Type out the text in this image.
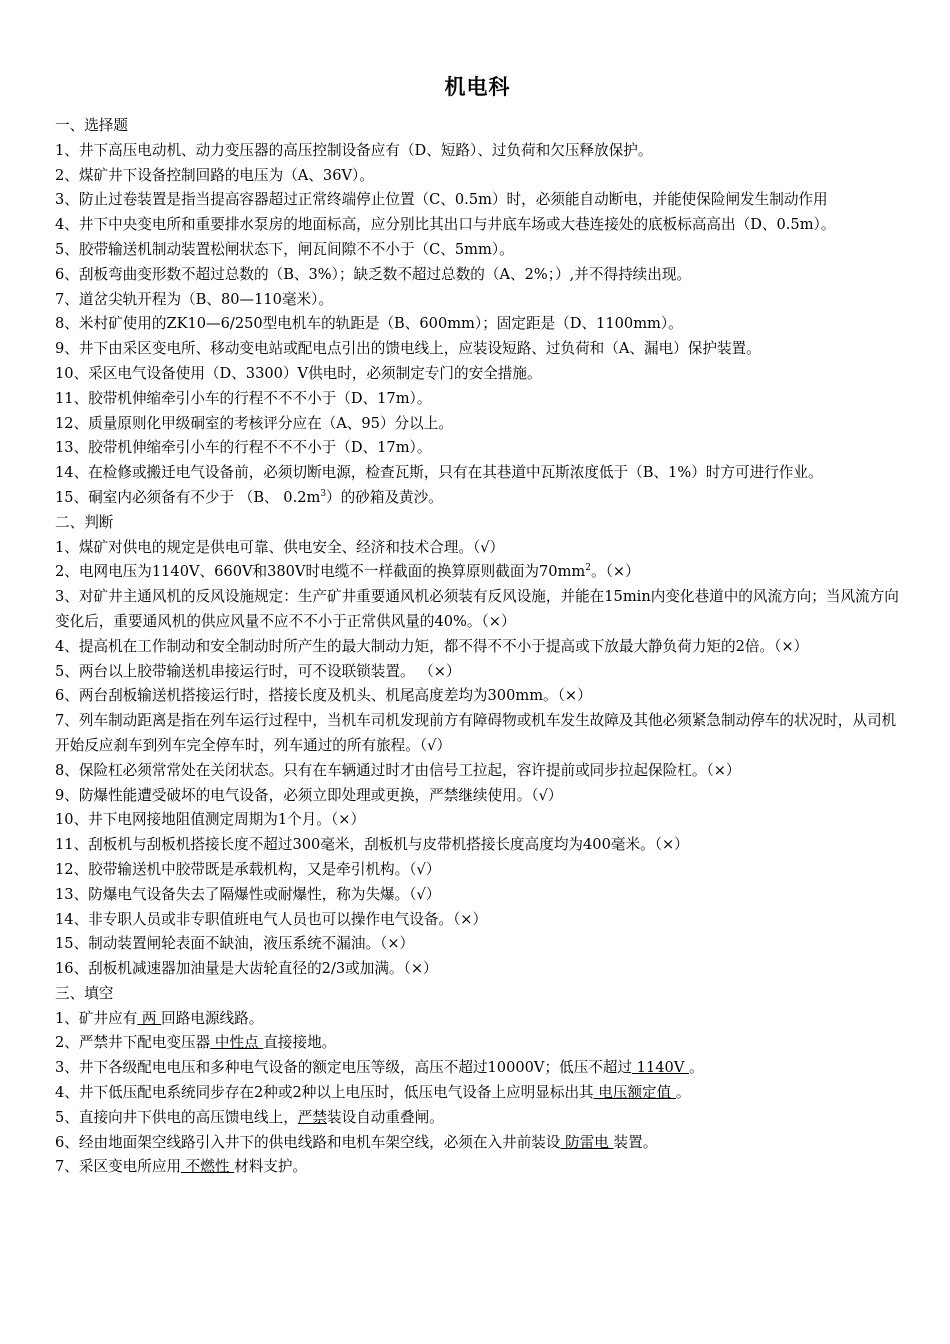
机电科

一、选择题

1、井下高压电动机、动力变压器的高压控制设备应有（D、短路）、过负荷和欠压释放保护。

2、煤矿井下设备控制回路的电压为（A、36V）。

3、防止过卷装置是指当提高容器超过正常终端停止位置（C、0.5m）时，必须能自动断电，并能使保险闸发生制动作用

4、井下中央变电所和重要排水泵房的地面标高，应分别比其出口与井底车场或大巷连接处的底板标高高出（D、0.5m）。

5、胶带输送机制动装置松闸状态下，闸瓦间隙不不小于（C、5mm）。

6、刮板弯曲变形数不超过总数的（B、3%）；缺乏数不超过总数的（A、2%；）,并不得持续出现。

7、道岔尖轨开程为（B、80—110毫米）。

8、米村矿使用的ZK10—6/250型电机车的轨距是（B、600mm）；固定距是（D、1100mm）。

9、井下由采区变电所、移动变电站或配电点引出的馈电线上，应装设短路、过负荷和（A、漏电）保护装置。

10、采区电气设备使用（D、3300）V供电时，必须制定专门的安全措施。

11、胶带机伸缩牵引小车的行程不不不小于（D、17m）。

12、质量原则化甲级硐室的考核评分应在（A、95）分以上。

13、胶带机伸缩牵引小车的行程不不不小于（D、17m）。

14、在检修或搬迁电气设备前，必须切断电源，检查瓦斯，只有在其巷道中瓦斯浓度低于（B、1%）时方可进行作业。

15、硐室内必须备有不少于 （B、 $0.2m^3$）的砂箱及黄沙。

二、判断

1、煤矿对供电的规定是供电可靠、供电安全、经济和技术合理。（√）

2、电网电压为1140V、660V和380V时电缆不一样截面的换算原则截面为$70mm^2$。（×）

3、对矿井主通风机的反风设施规定：生产矿井重要通风机必须装有反风设施，并能在15min内变化巷道中的风流方向；当风流方向变化后，重要通风机的供应风量不应不不小于正常供风量的40%。（×）

4、提高机在工作制动和安全制动时所产生的最大制动力矩，都不得不不小于提高或下放最大静负荷力矩的2倍。（×）

5、两台以上胶带输送机串接运行时，可不设联锁装置。 （×）

6、两台刮板输送机搭接运行时，搭接长度及机头、机尾高度差均为300mm。（×）

7、列车制动距离是指在列车运行过程中，当机车司机发现前方有障碍物或机车发生故障及其他必须紧急制动停车的状况时，从司机开始反应刹车到列车完全停车时，列车通过的所有旅程。（√）

8、保险杠必须常常处在关闭状态。只有在车辆通过时才由信号工拉起，容许提前或同步拉起保险杠。（×）

9、防爆性能遭受破坏的电气设备，必须立即处理或更换，严禁继续使用。（√）

10、井下电网接地阻值测定周期为1个月。（×）

11、刮板机与刮板机搭接长度不超过300毫米，刮板机与皮带机搭接长度高度均为400毫米。（×）

12、胶带输送机中胶带既是承载机构，又是牵引机构。（√）

13、防爆电气设备失去了隔爆性或耐爆性，称为失爆。（√）

14、非专职人员或非专职值班电气人员也可以操作电气设备。（×）

15、制动装置闸轮表面不缺油，液压系统不漏油。（×）

16、刮板机减速器加油量是大齿轮直径的2/3或加满。（×）

三、填空

1、矿井应有 两 回路电源线路。

2、严禁井下配电变压器 中性点 直接接地。

3、井下各级配电电压和多种电气设备的额定电压等级，高压不超过10000V；低压不超过 1140V 。

4、井下低压配电系统同步存在2种或2种以上电压时，低压电气设备上应明显标出其 电压额定值 。

5、直接向井下供电的高压馈电线上，严禁装设自动重叠闸。

6、经由地面架空线路引入井下的供电线路和电机车架空线，必须在入井前装设 防雷电 装置。

7、采区变电所应用 不燃性 材料支护。
